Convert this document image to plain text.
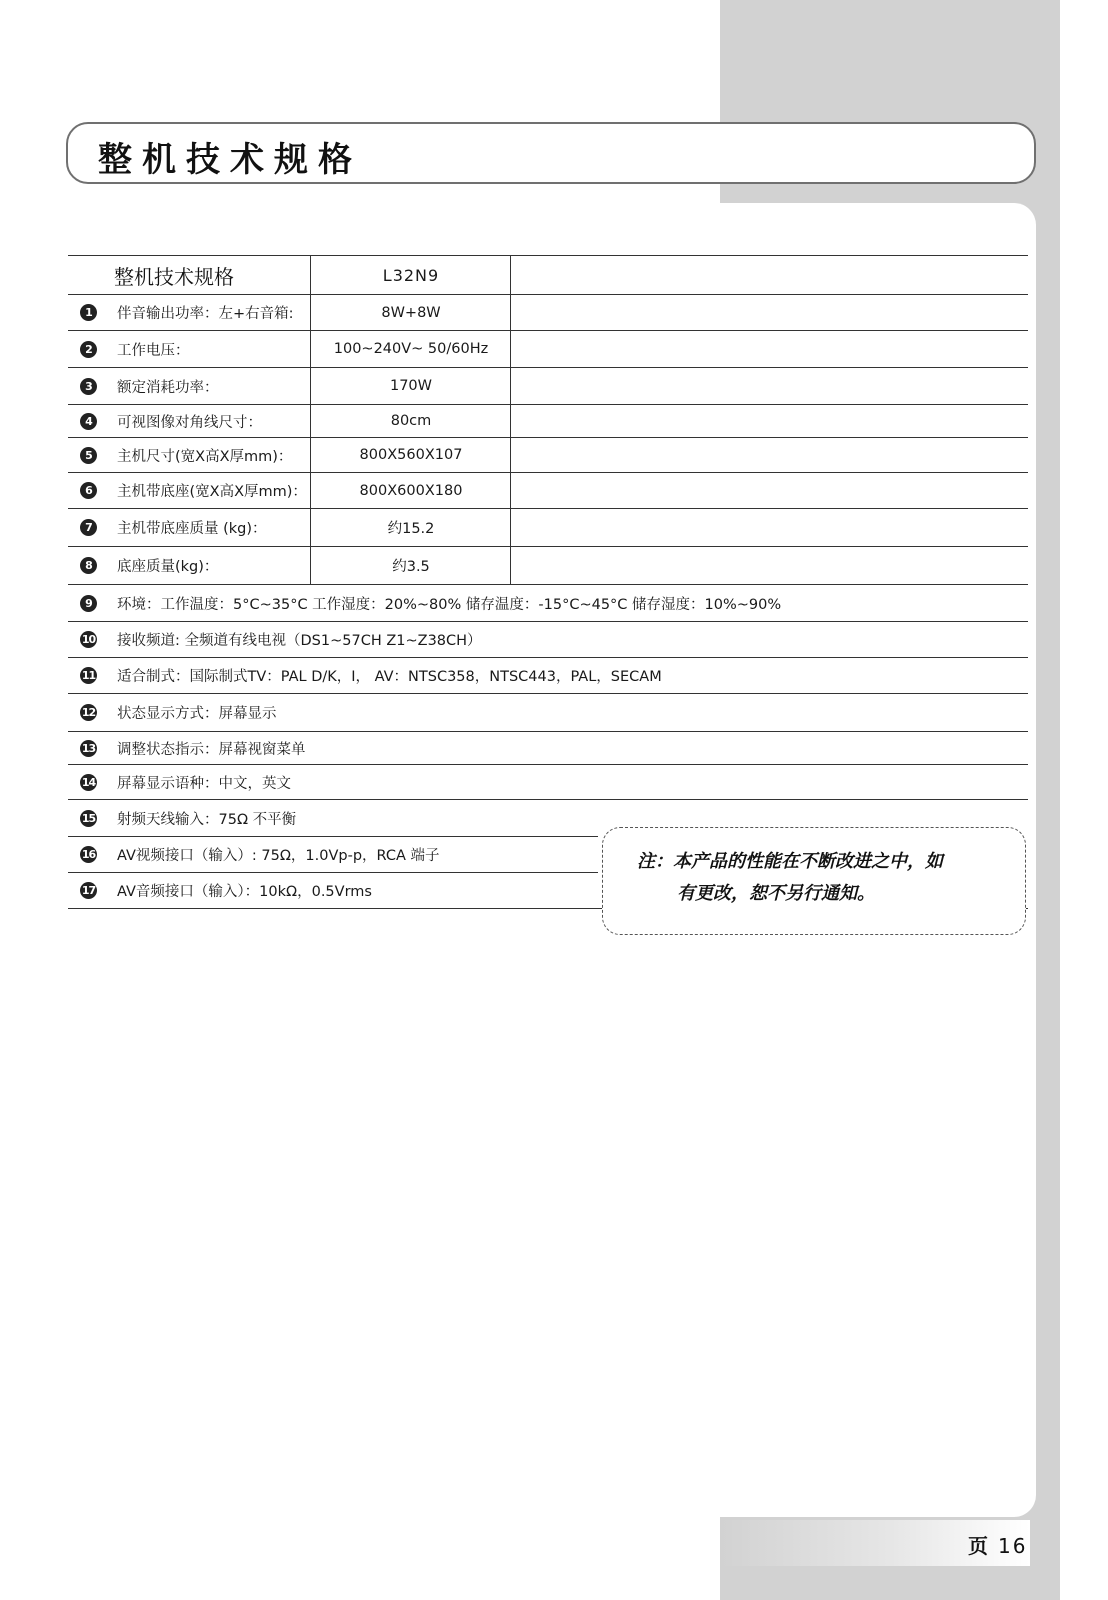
整机技术规格
整机技术规格	L32N9
1	伴音输出功率：左+右音箱:	8W+8W
2	工作电压：	100~240V~ 50/60Hz
3	额定消耗功率：	170W
4	可视图像对角线尺寸：	80cm
5	主机尺寸(宽X高X厚mm)：	800X560X107
6	主机带底座(宽X高X厚mm)：	800X600X180
7	主机带底座质量 (kg)：	约15.2
8	底座质量(kg)：	约3.5
9	环境：工作温度：5°C~35°C 工作湿度：20%~80% 储存温度：-15°C~45°C 储存湿度：10%~90%
10 接收频道: 全频道有线电视（DS1~57CH Z1~Z38CH）
11 适合制式：国际制式TV：PAL D/K，I， AV：NTSC358，NTSC443，PAL，SECAM
12 状态显示方式：屏幕显示
13 调整状态指示：屏幕视窗菜单
14 屏幕显示语种：中文，英文
15 射频天线输入：75Ω 不平衡
16 AV视频接口（输入）: 75Ω，1.0Vp-p，RCA 端子
17 AV音频接口（输入）：10kΩ，0.5Vrms
注：本产品的性能在不断改进之中，如
有更改，恕不另行通知。
页 16
